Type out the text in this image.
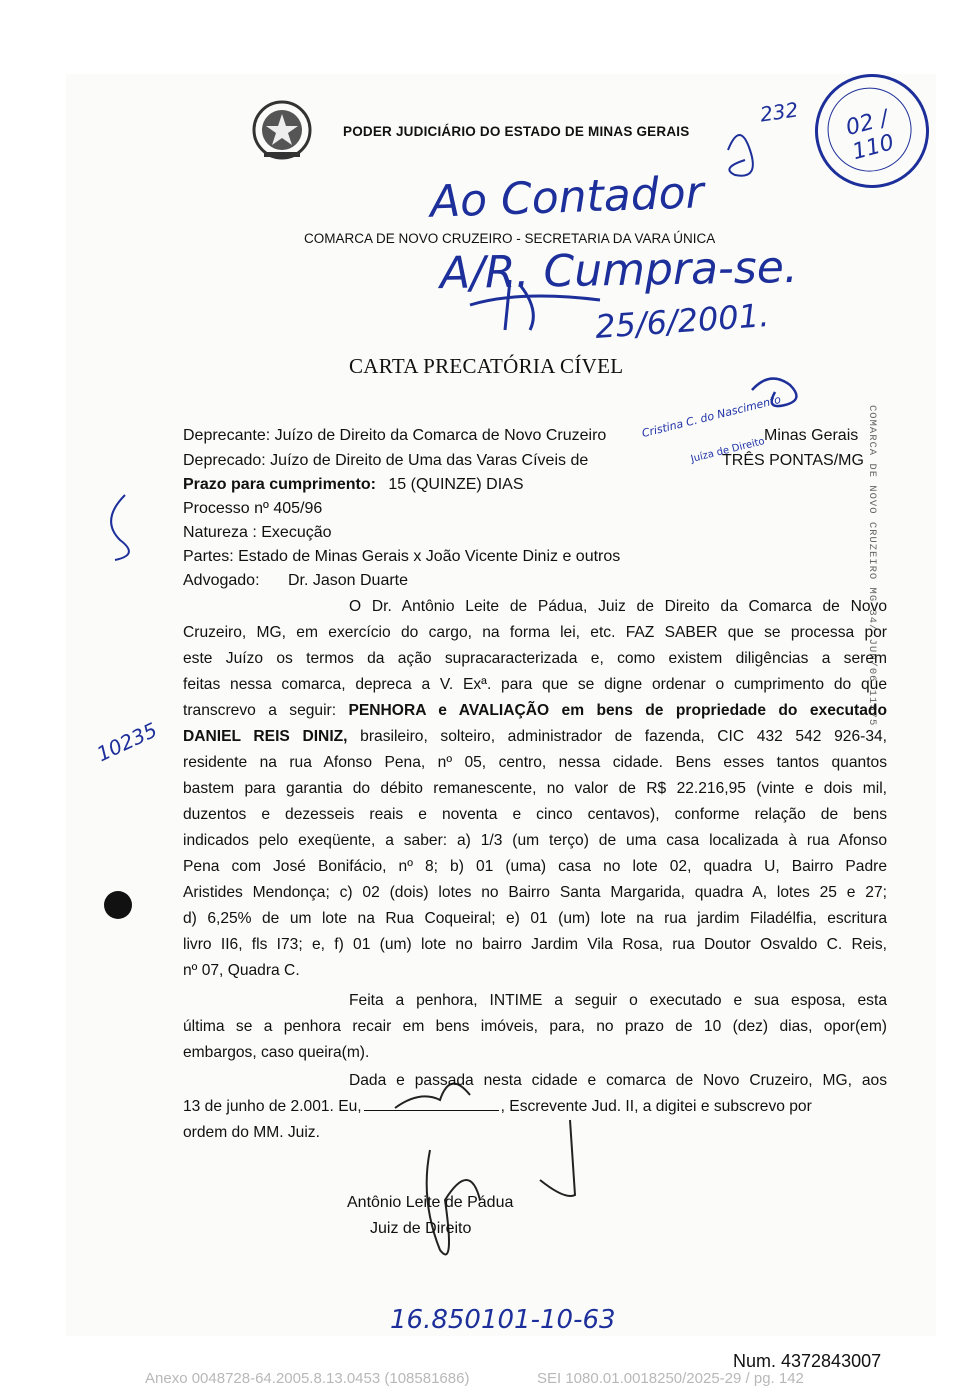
PODER JUDICIÁRIO DO ESTADO DE MINAS GERAIS
COMARCA DE NOVO CRUZEIRO - SECRETARIA DA VARA ÚNICA
Ao Contador
A/R. Cumpra-se.
25/6/2001.
232
10235
16.850101-10-63
02 / 110
Cristina C. do Nascimento
Juíza de Direito	COMARCA DE NOVO CRUZEIRO MG 34/ JUN/06 11575
CARTA PRECATÓRIA CÍVEL
Deprecante: Juízo de Direito da Comarca de Novo Cruzeiro	Minas Gerais
Deprecado: Juízo de Direito de Uma das Varas Cíveis de	TRÊS PONTAS/MG
Prazo para cumprimento: 15 (QUINZE) DIAS
Processo nº 405/96
Natureza : Execução
Partes: Estado de Minas Gerais x João Vicente Diniz e outros
Advogado: Dr. Jason Duarte
O Dr. Antônio Leite de Pádua, Juiz de Direito da Comarca de Novo
Cruzeiro, MG, em exercício do cargo, na forma lei, etc. FAZ SABER que se processa por
este Juízo os termos da ação supracaracterizada e, como existem diligências a serem
feitas nessa comarca, depreca a V. Exª. para que se digne ordenar o cumprimento do que
transcrevo a seguir: PENHORA e AVALIAÇÃO em bens de propriedade do executado
DANIEL REIS DINIZ, brasileiro, solteiro, administrador de fazenda, CIC 432 542 926-34,
residente na rua Afonso Pena, nº 05, centro, nessa cidade. Bens esses tantos quantos
bastem para garantia do débito remanescente, no valor de R$ 22.216,95 (vinte e dois mil,
duzentos e dezesseis reais e noventa e cinco centavos), conforme relação de bens
indicados pelo exeqüente, a saber: a) 1/3 (um terço) de uma casa localizada à rua Afonso
Pena com José Bonifácio, nº 8; b) 01 (uma) casa no lote 02, quadra U, Bairro Padre
Aristides Mendonça; c) 02 (dois) lotes no Bairro Santa Margarida, quadra A, lotes 25 e 27;
d) 6,25% de um lote na Rua Coqueiral; e) 01 (um) lote na rua jardim Filadélfia, escritura
livro II6, fls I73; e, f) 01 (um) lote no bairro Jardim Vila Rosa, rua Doutor Osvaldo C. Reis,
nº 07, Quadra C.
Feita a penhora, INTIME a seguir o executado e sua esposa, esta
última se a penhora recair em bens imóveis, para, no prazo de 10 (dez) dias, opor(em)
embargos, caso queira(m).
Dada e passada nesta cidade e comarca de Novo Cruzeiro, MG, aos
13 de junho de 2.001. Eu,	, Escrevente Jud. II, a digitei e subscrevo por
ordem do MM. Juiz.
Antônio Leite de Pádua
Juiz de Direito
Num. 4372843007
Anexo 0048728-64.2005.8.13.0453 (108581686)	SEI 1080.01.0018250/2025-29 / pg. 142
